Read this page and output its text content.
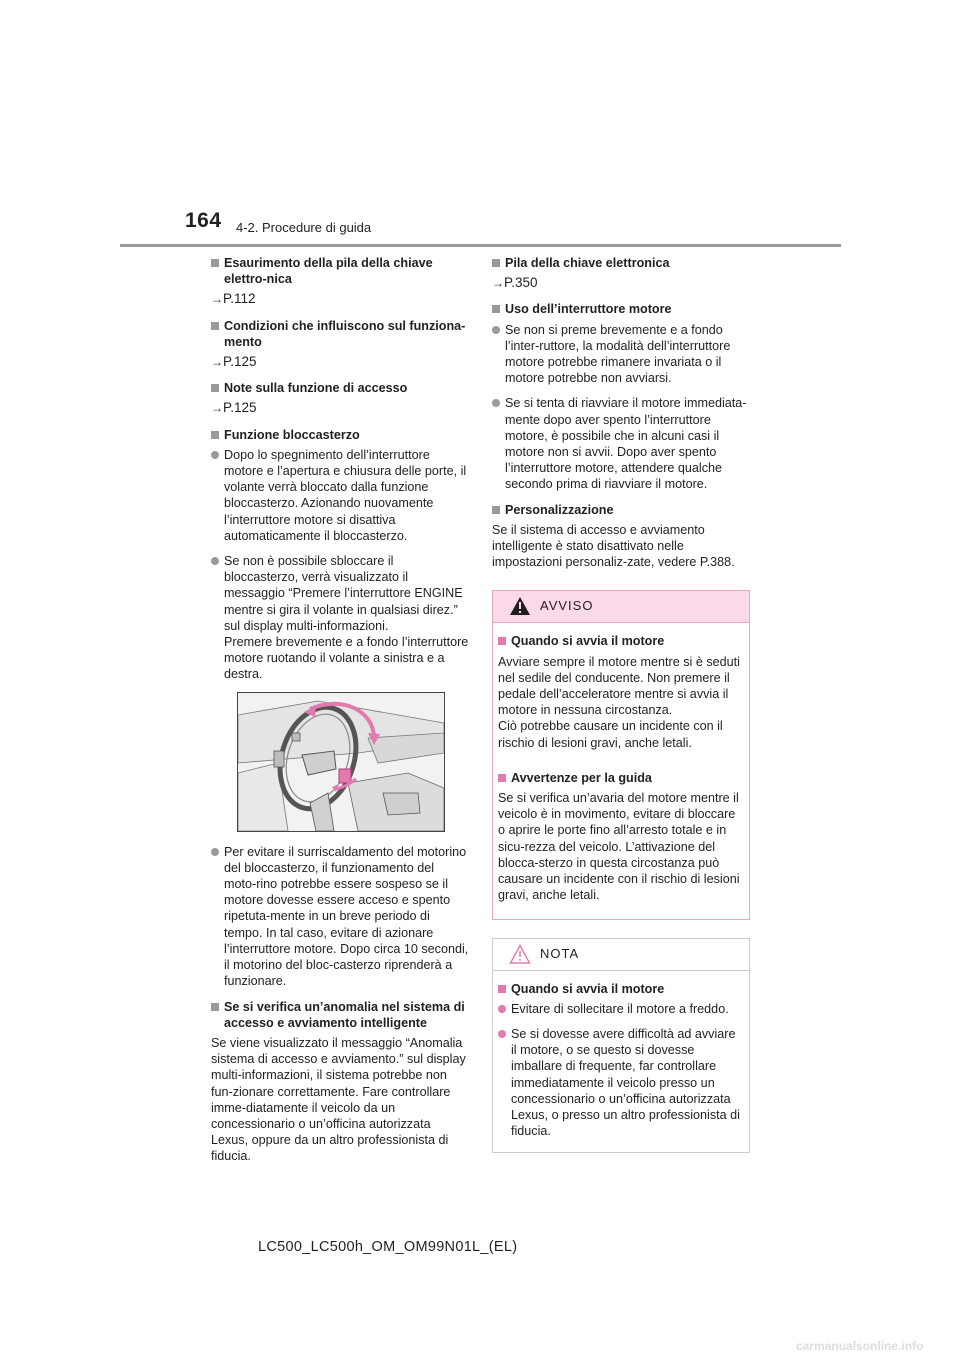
164 4-2. Procedure di guida
Esaurimento della pila della chiave elettro-nica
→P.112
Condizioni che influiscono sul funziona-mento
→P.125
Note sulla funzione di accesso
→P.125
Funzione bloccasterzo
Dopo lo spegnimento dell’interruttore motore e l’apertura e chiusura delle porte, il volante verrà bloccato dalla funzione bloccasterzo. Azionando nuovamente l’interruttore motore si disattiva automaticamente il bloccasterzo.
Se non è possibile sbloccare il bloccasterzo, verrà visualizzato il messaggio “Premere l’interruttore ENGINE mentre si gira il volante in qualsiasi direz.” sul display multi-informazioni.
Premere brevemente e a fondo l’interruttore motore ruotando il volante a sinistra e a destra.
Per evitare il surriscaldamento del motorino del bloccasterzo, il funzionamento del moto-rino potrebbe essere sospeso se il motore dovesse essere acceso e spento ripetuta-mente in un breve periodo di tempo. In tal caso, evitare di azionare l’interruttore motore. Dopo circa 10 secondi, il motorino del bloc-casterzo riprenderà a funzionare.
Se si verifica un’anomalia nel sistema di accesso e avviamento intelligente
Se viene visualizzato il messaggio “Anomalia sistema di accesso e avviamento.” sul display multi-informazioni, il sistema potrebbe non fun-zionare correttamente. Fare controllare imme-diatamente il veicolo da un concessionario o un’officina autorizzata Lexus, oppure da un altro professionista di fiducia.
Pila della chiave elettronica
→P.350
Uso dell’interruttore motore
Se non si preme brevemente e a fondo l’inter-ruttore, la modalità dell’interruttore motore potrebbe rimanere invariata o il motore potrebbe non avviarsi.
Se si tenta di riavviare il motore immediata-mente dopo aver spento l’interruttore motore, è possibile che in alcuni casi il motore non si avvii. Dopo aver spento l’interruttore motore, attendere qualche secondo prima di riavviare il motore.
Personalizzazione
Se il sistema di accesso e avviamento intelligente è stato disattivato nelle impostazioni personaliz-zate, vedere P.388.
AVVISO
Quando si avvia il motore
Avviare sempre il motore mentre si è seduti nel sedile del conducente. Non premere il pedale dell’acceleratore mentre si avvia il motore in nessuna circostanza.
Ciò potrebbe causare un incidente con il rischio di lesioni gravi, anche letali.
Avvertenze per la guida
Se si verifica un’avaria del motore mentre il veicolo è in movimento, evitare di bloccare o aprire le porte fino all’arresto totale e in sicu-rezza del veicolo. L’attivazione del blocca-sterzo in questa circostanza può causare un incidente con il rischio di lesioni gravi, anche letali.
NOTA
Quando si avvia il motore
Evitare di sollecitare il motore a freddo.
Se si dovesse avere difficoltà ad avviare il motore, o se questo si dovesse imballare di frequente, far controllare immediatamente il veicolo presso un concessionario o un’officina autorizzata Lexus, o presso un altro professionista di fiducia.
LC500_LC500h_OM_OM99N01L_(EL)
carmanualsonline.info
